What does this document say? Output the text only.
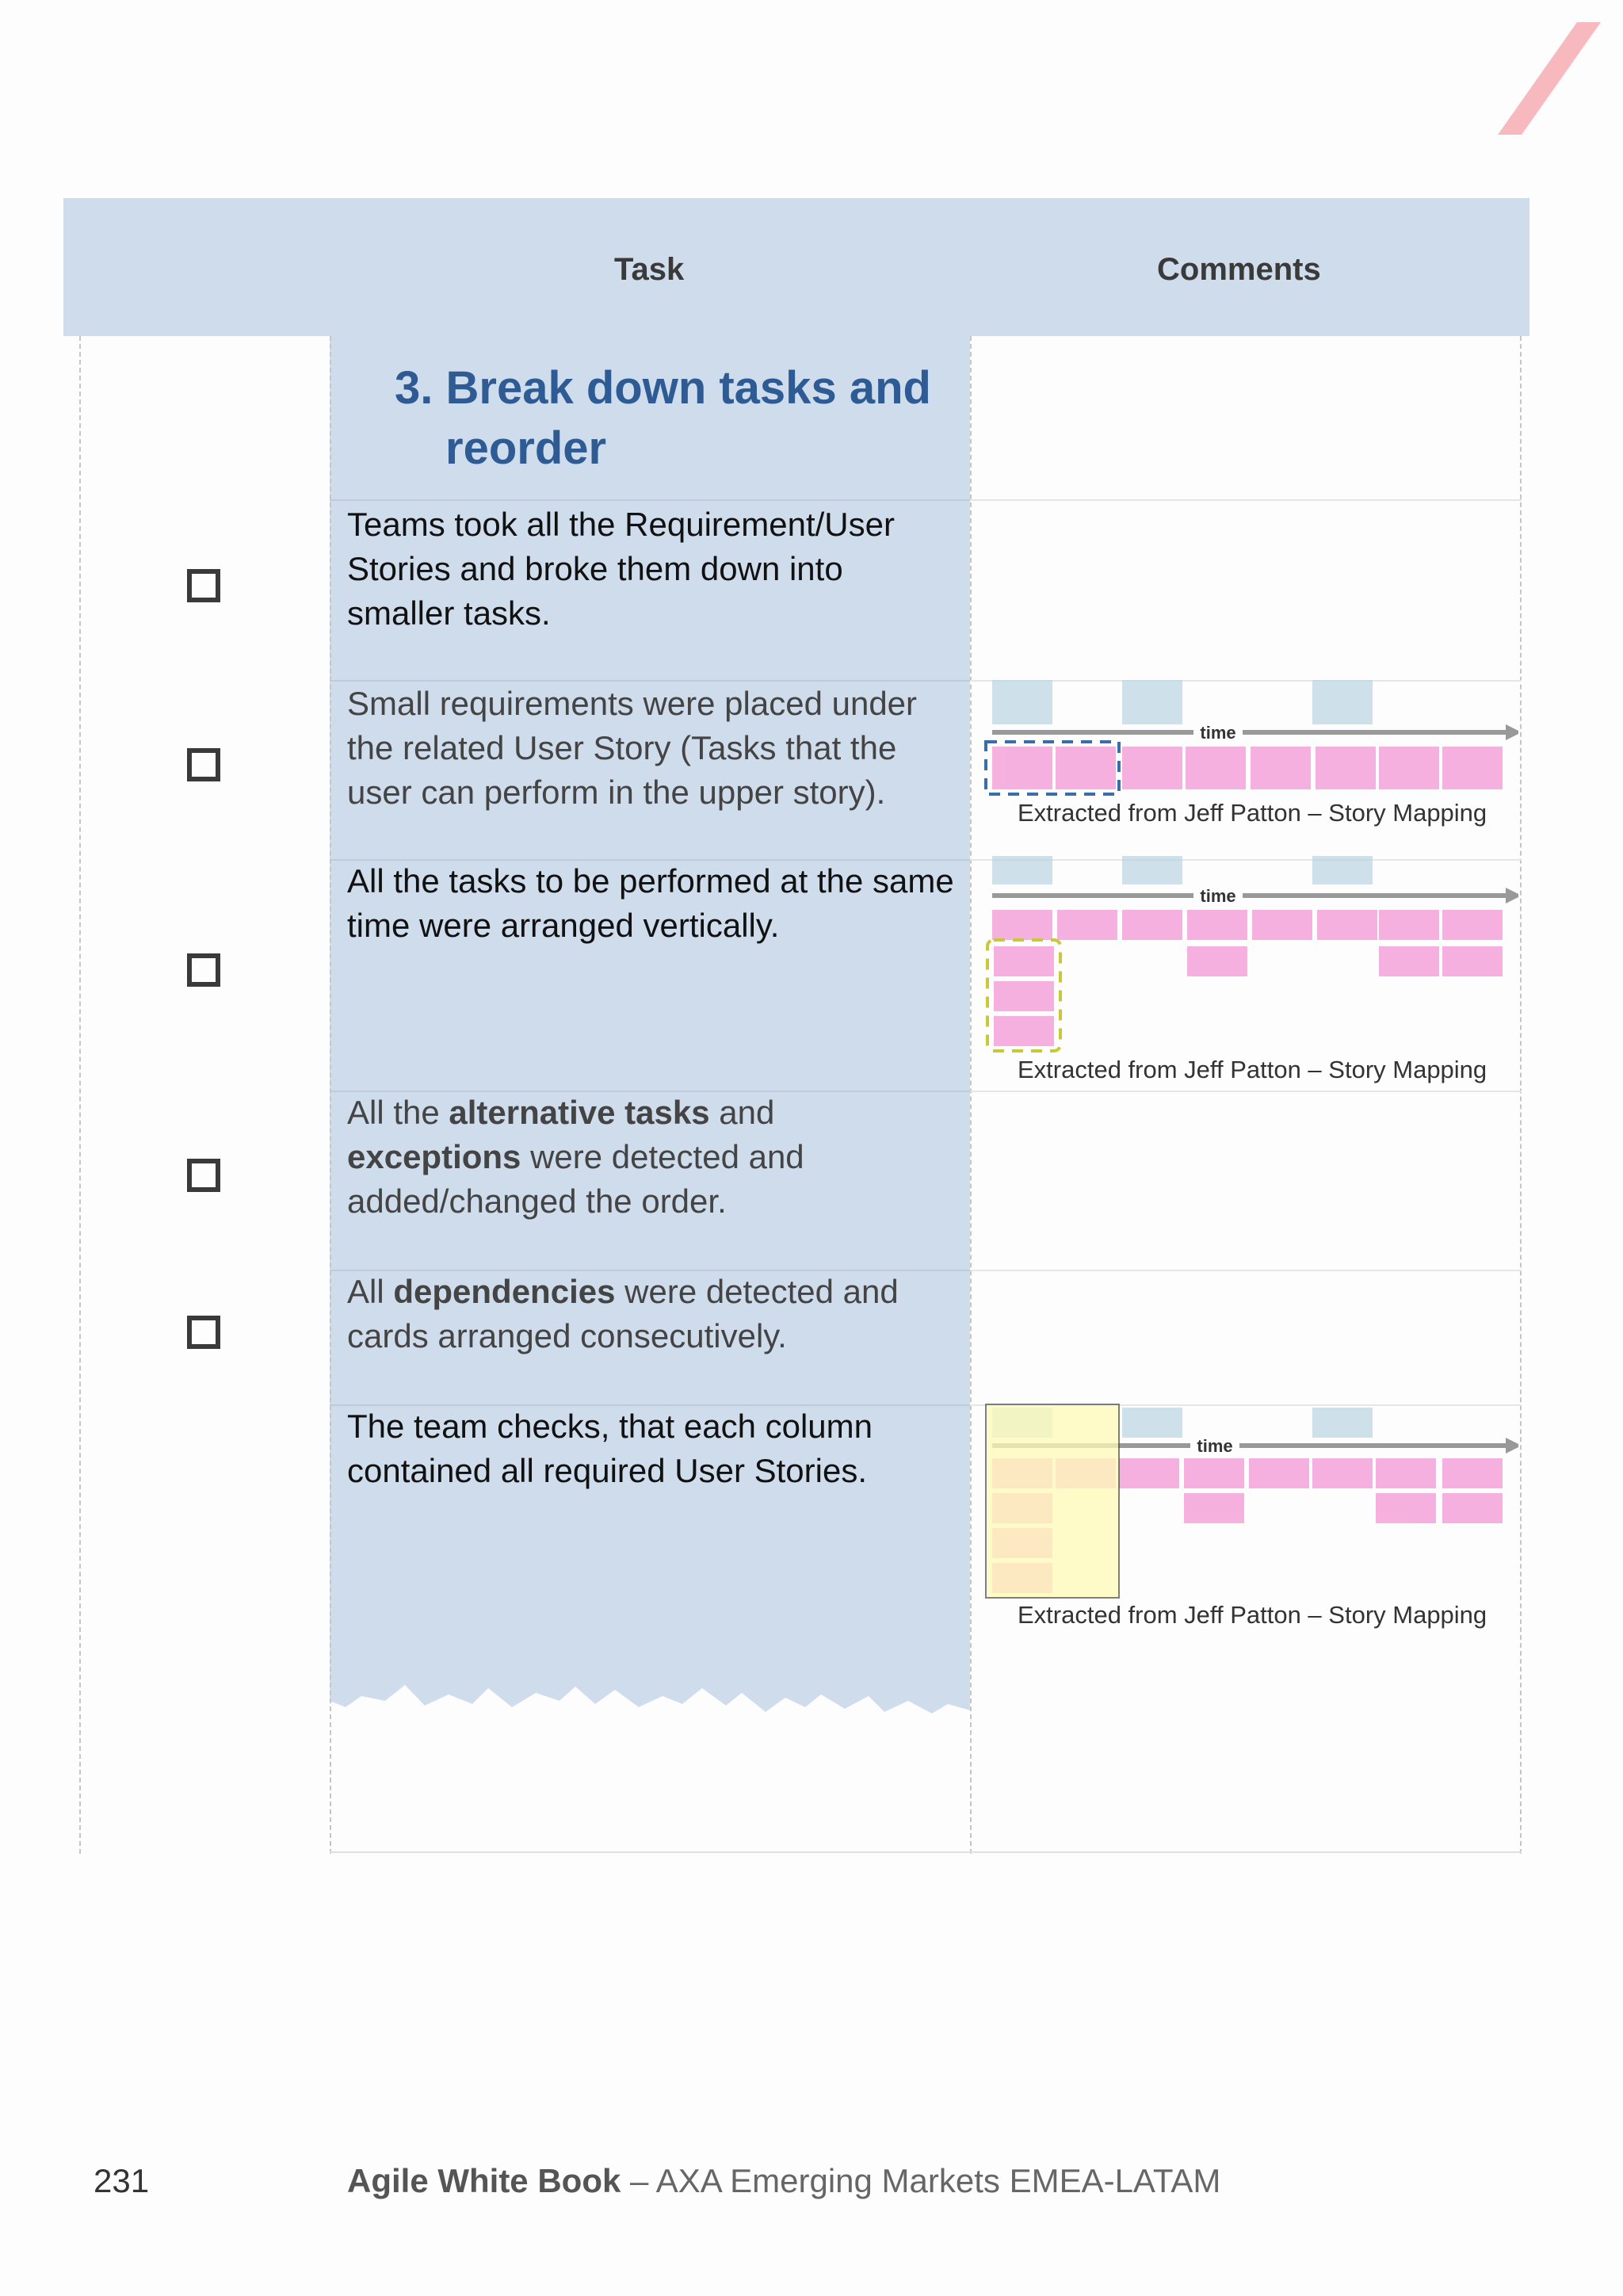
Task	Comments
3. Break down tasks and
reorder
Teams took all the Requirement/User Stories and broke them down into smaller tasks.
Small requirements were placed under the related User Story (Tasks that the user can perform in the upper story).
All the tasks to be performed at the same time were arranged vertically.
All the alternative tasks and exceptions were detected and added/changed the order.
All dependencies were detected and cards arranged consecutively.
The team checks, that each column contained all required User Stories.
time
Extracted from Jeff Patton – Story Mapping
time
Extracted from Jeff Patton – Story Mapping
time
Extracted from Jeff Patton – Story Mapping
231	Agile White Book – AXA Emerging Markets EMEA-LATAM
